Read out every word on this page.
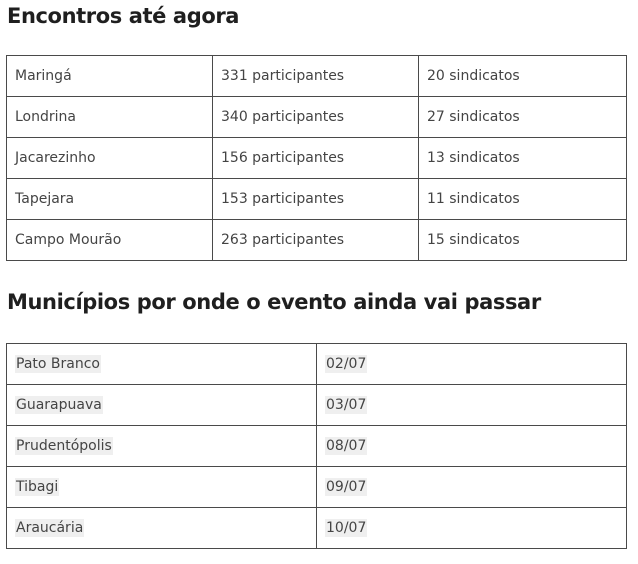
Encontros até agora
Maringá	331 participantes	20 sindicatos
Londrina	340 participantes	27 sindicatos
Jacarezinho	156 participantes	13 sindicatos
Tapejara	153 participantes	11 sindicatos
Campo Mourão	263 participantes	15 sindicatos
Municípios por onde o evento ainda vai passar
Pato Branco	02/07
Guarapuava	03/07
Prudentópolis	08/07
Tibagi	09/07
Araucária	10/07
